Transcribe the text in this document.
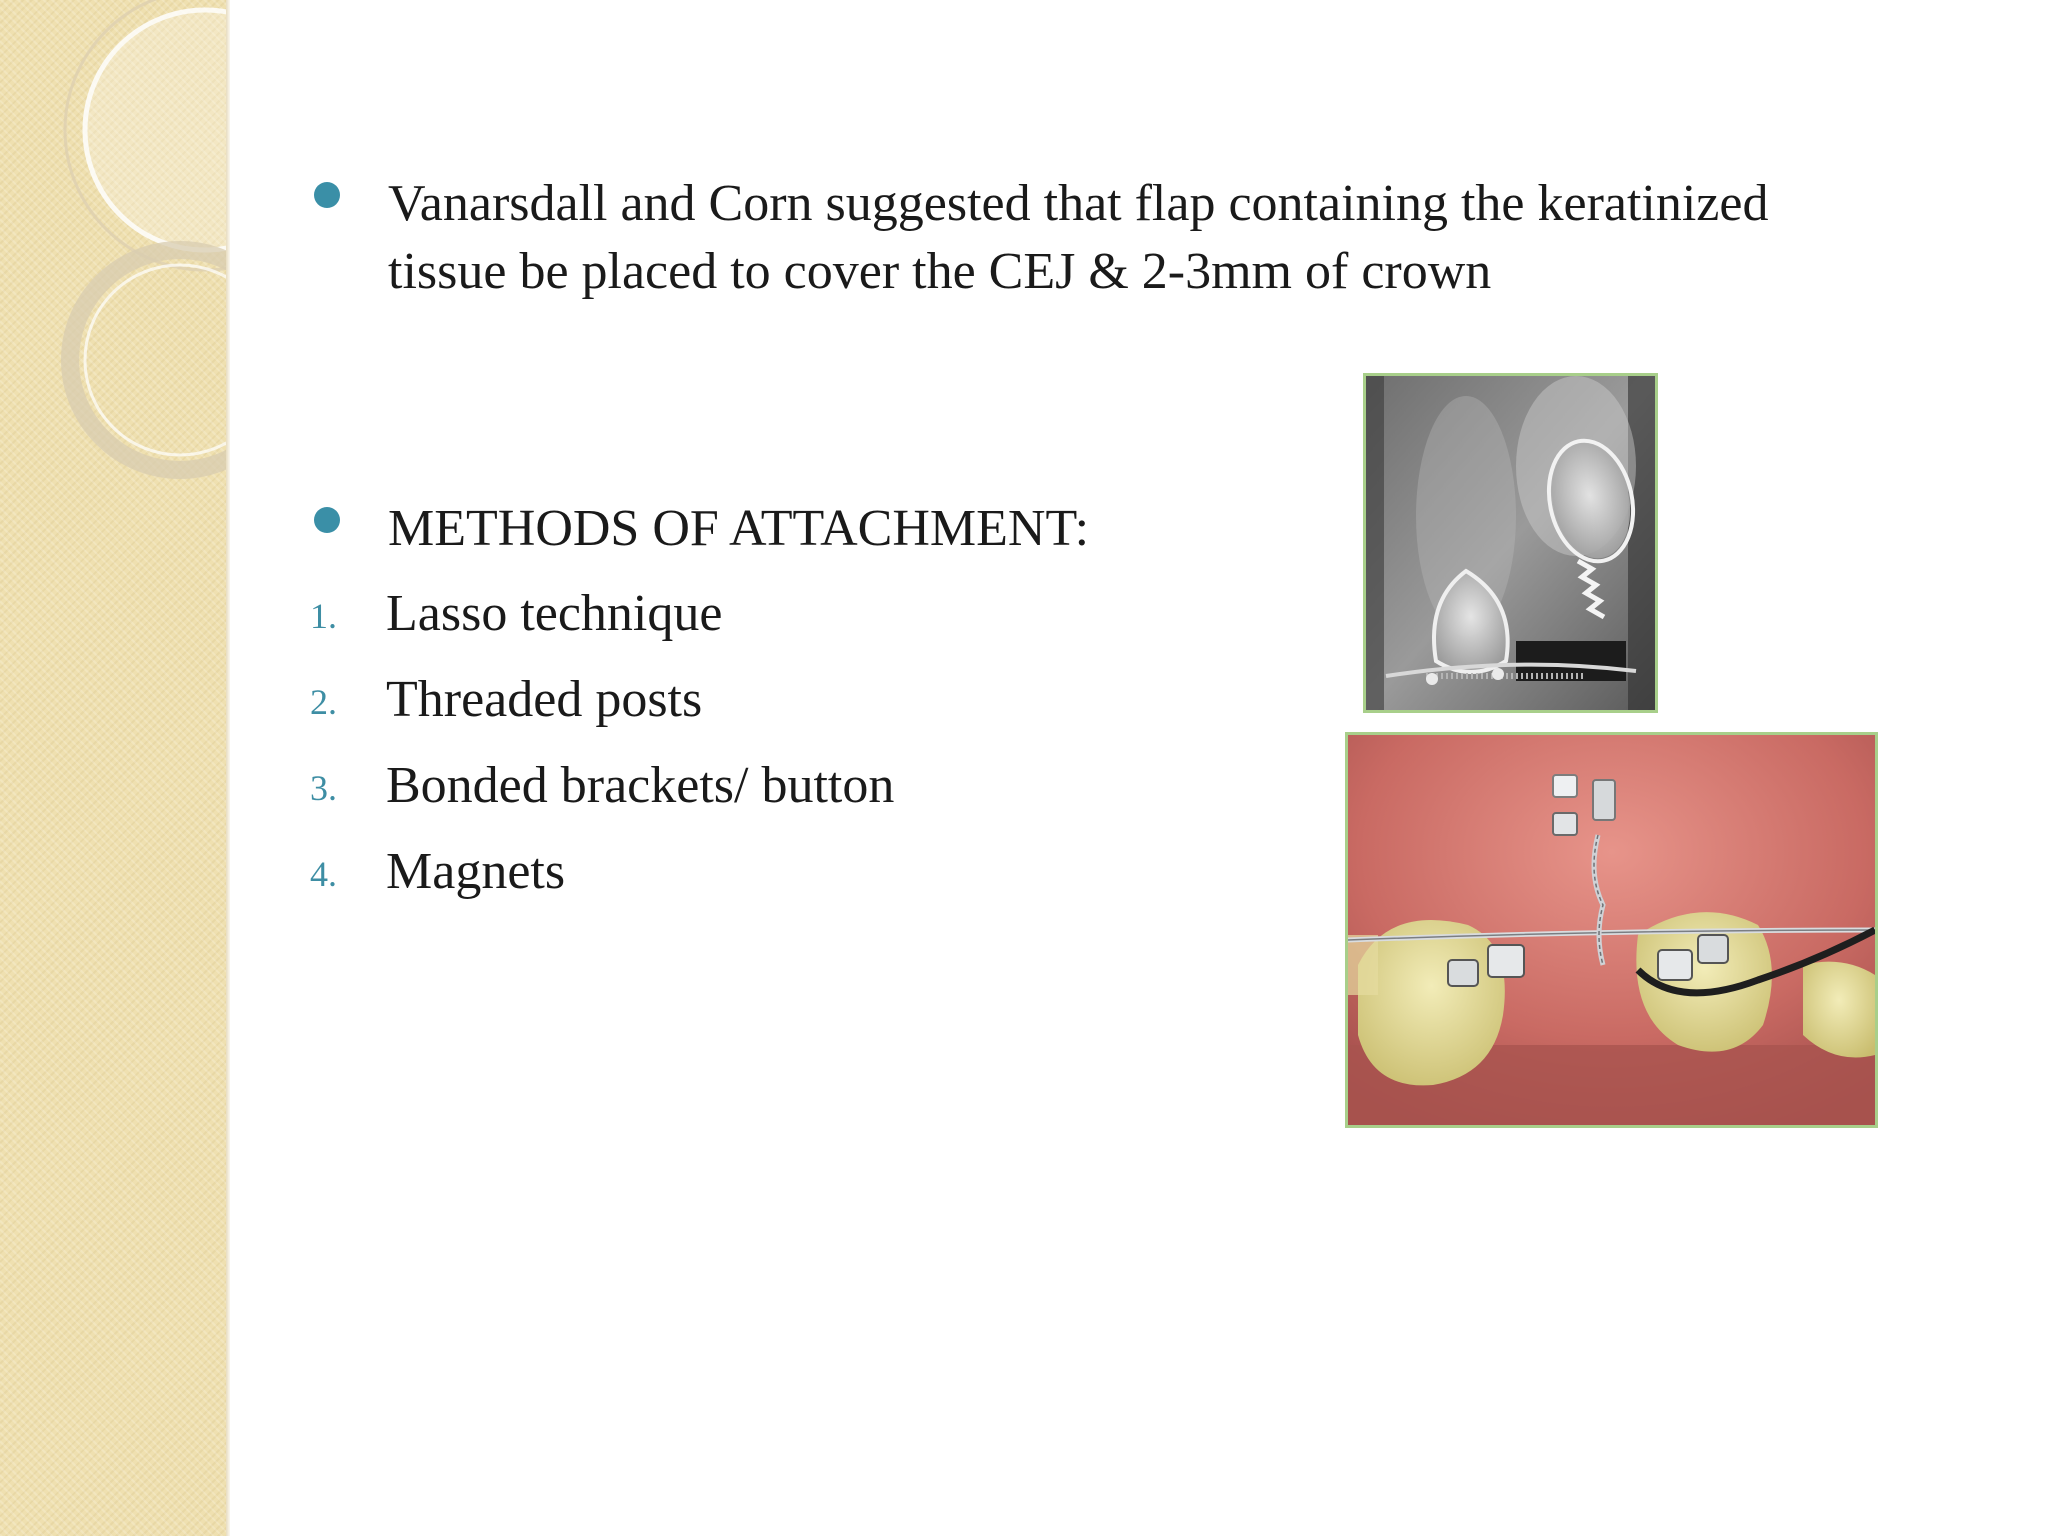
Vanarsdall and Corn suggested that flap containing the keratinized
tissue be placed to cover the CEJ & 2-3mm of crown
METHODS OF ATTACHMENT:
1. Lasso technique
2. Threaded posts
3. Bonded brackets/ button
4. Magnets
